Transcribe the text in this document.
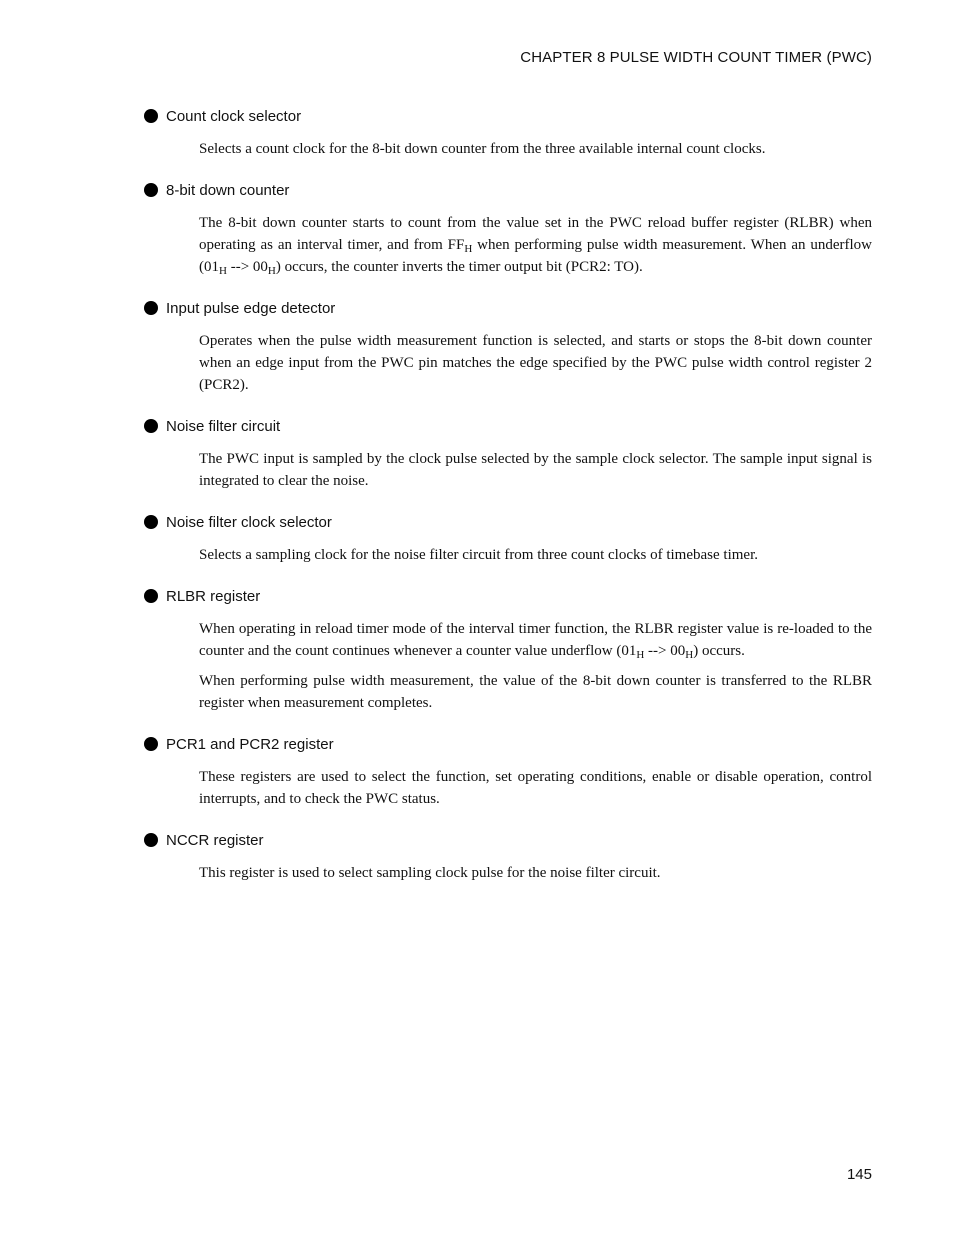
CHAPTER 8 PULSE WIDTH COUNT TIMER (PWC)
Count clock selector

Selects a count clock for the 8-bit down counter from the three available internal count clocks.

8-bit down counter

The 8-bit down counter starts to count from the value set in the PWC reload buffer register (RLBR) when operating as an interval timer, and from $FF_H$ when performing pulse width measurement. When an underflow ($01_H$ --> $00_H$) occurs, the counter inverts the timer output bit (PCR2: TO).

Input pulse edge detector

Operates when the pulse width measurement function is selected, and starts or stops the 8-bit down counter when an edge input from the PWC pin matches the edge specified by the PWC pulse width control register 2 (PCR2).

Noise filter circuit

The PWC input is sampled by the clock pulse selected by the sample clock selector. The sample input signal is integrated to clear the noise.

Noise filter clock selector

Selects a sampling clock for the noise filter circuit from three count clocks of timebase timer.

RLBR register

When operating in reload timer mode of the interval timer function, the RLBR register value is re-loaded to the counter and the count continues whenever a counter value underflow ($01_H$ --> $00_H$) occurs.

When performing pulse width measurement, the value of the 8-bit down counter is transferred to the RLBR register when measurement completes.

PCR1 and PCR2 register

These registers are used to select the function, set operating conditions, enable or disable operation, control interrupts, and to check the PWC status.

NCCR register

This register is used to select sampling clock pulse for the noise filter circuit.

145
